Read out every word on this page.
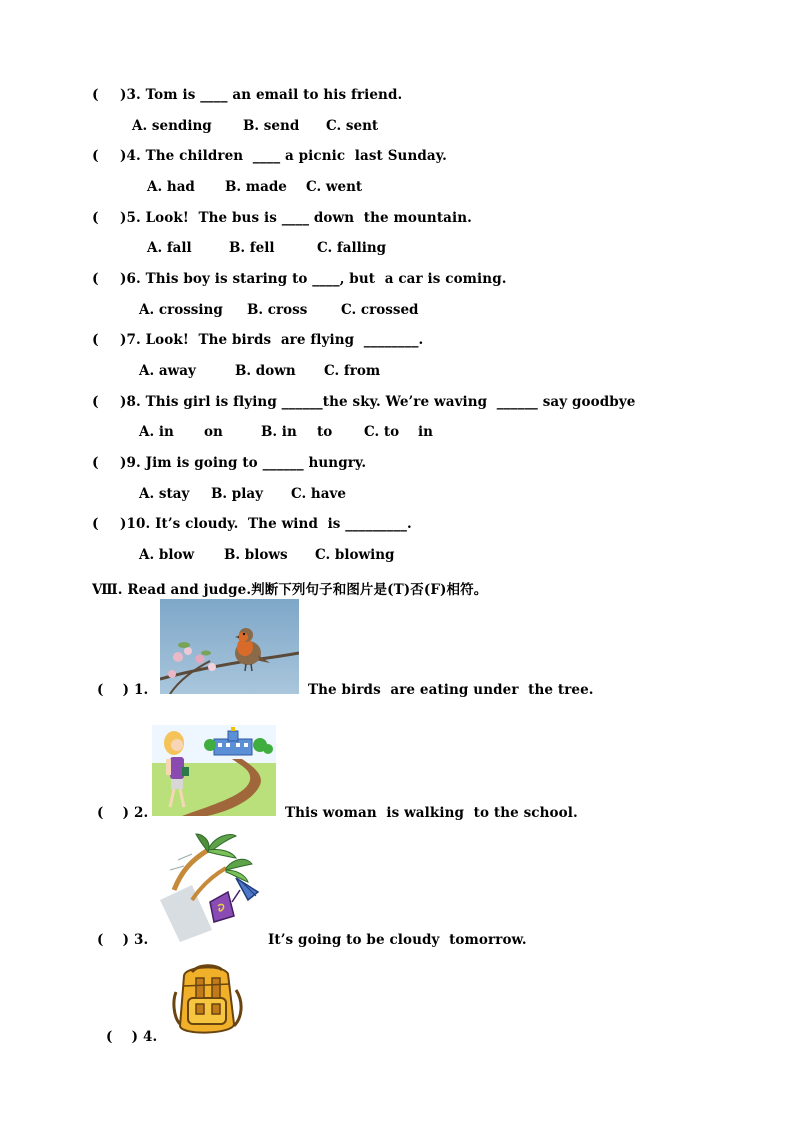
( )3. Tom is ____ an email to his friend.
A. sending B. send C. sent
( )4. The children  ____ a picnic  last Sunday.
A. had B. made C. went
( )5. Look!  The bus is ____ down  the mountain.
A. fall	B. fell	C. falling
( )6. This boy is staring to ____, but  a car is coming.
A. crossing B. cross C. crossed
( )7. Look!  The birds  are flying  ________.
A. away	B. down C. from
( )8. This girl is flying ______the sky. We’re waving  ______ say goodbye
A. in on	B. in to C. to in
( )9. Jim is going to ______ hungry.
A. stay B. play C. have
( )10. It’s cloudy.  The wind  is _________.
A. blow B. blows C. blowing
Ⅷ. Read and judge.判断下列句子和图片是(T)否(F)相符。
(    ) 1.	The birds  are eating under  the tree.
(    ) 2.	This woman  is walking  to the school.
(    ) 3.	It’s going to be cloudy  tomorrow.
(    ) 4.
